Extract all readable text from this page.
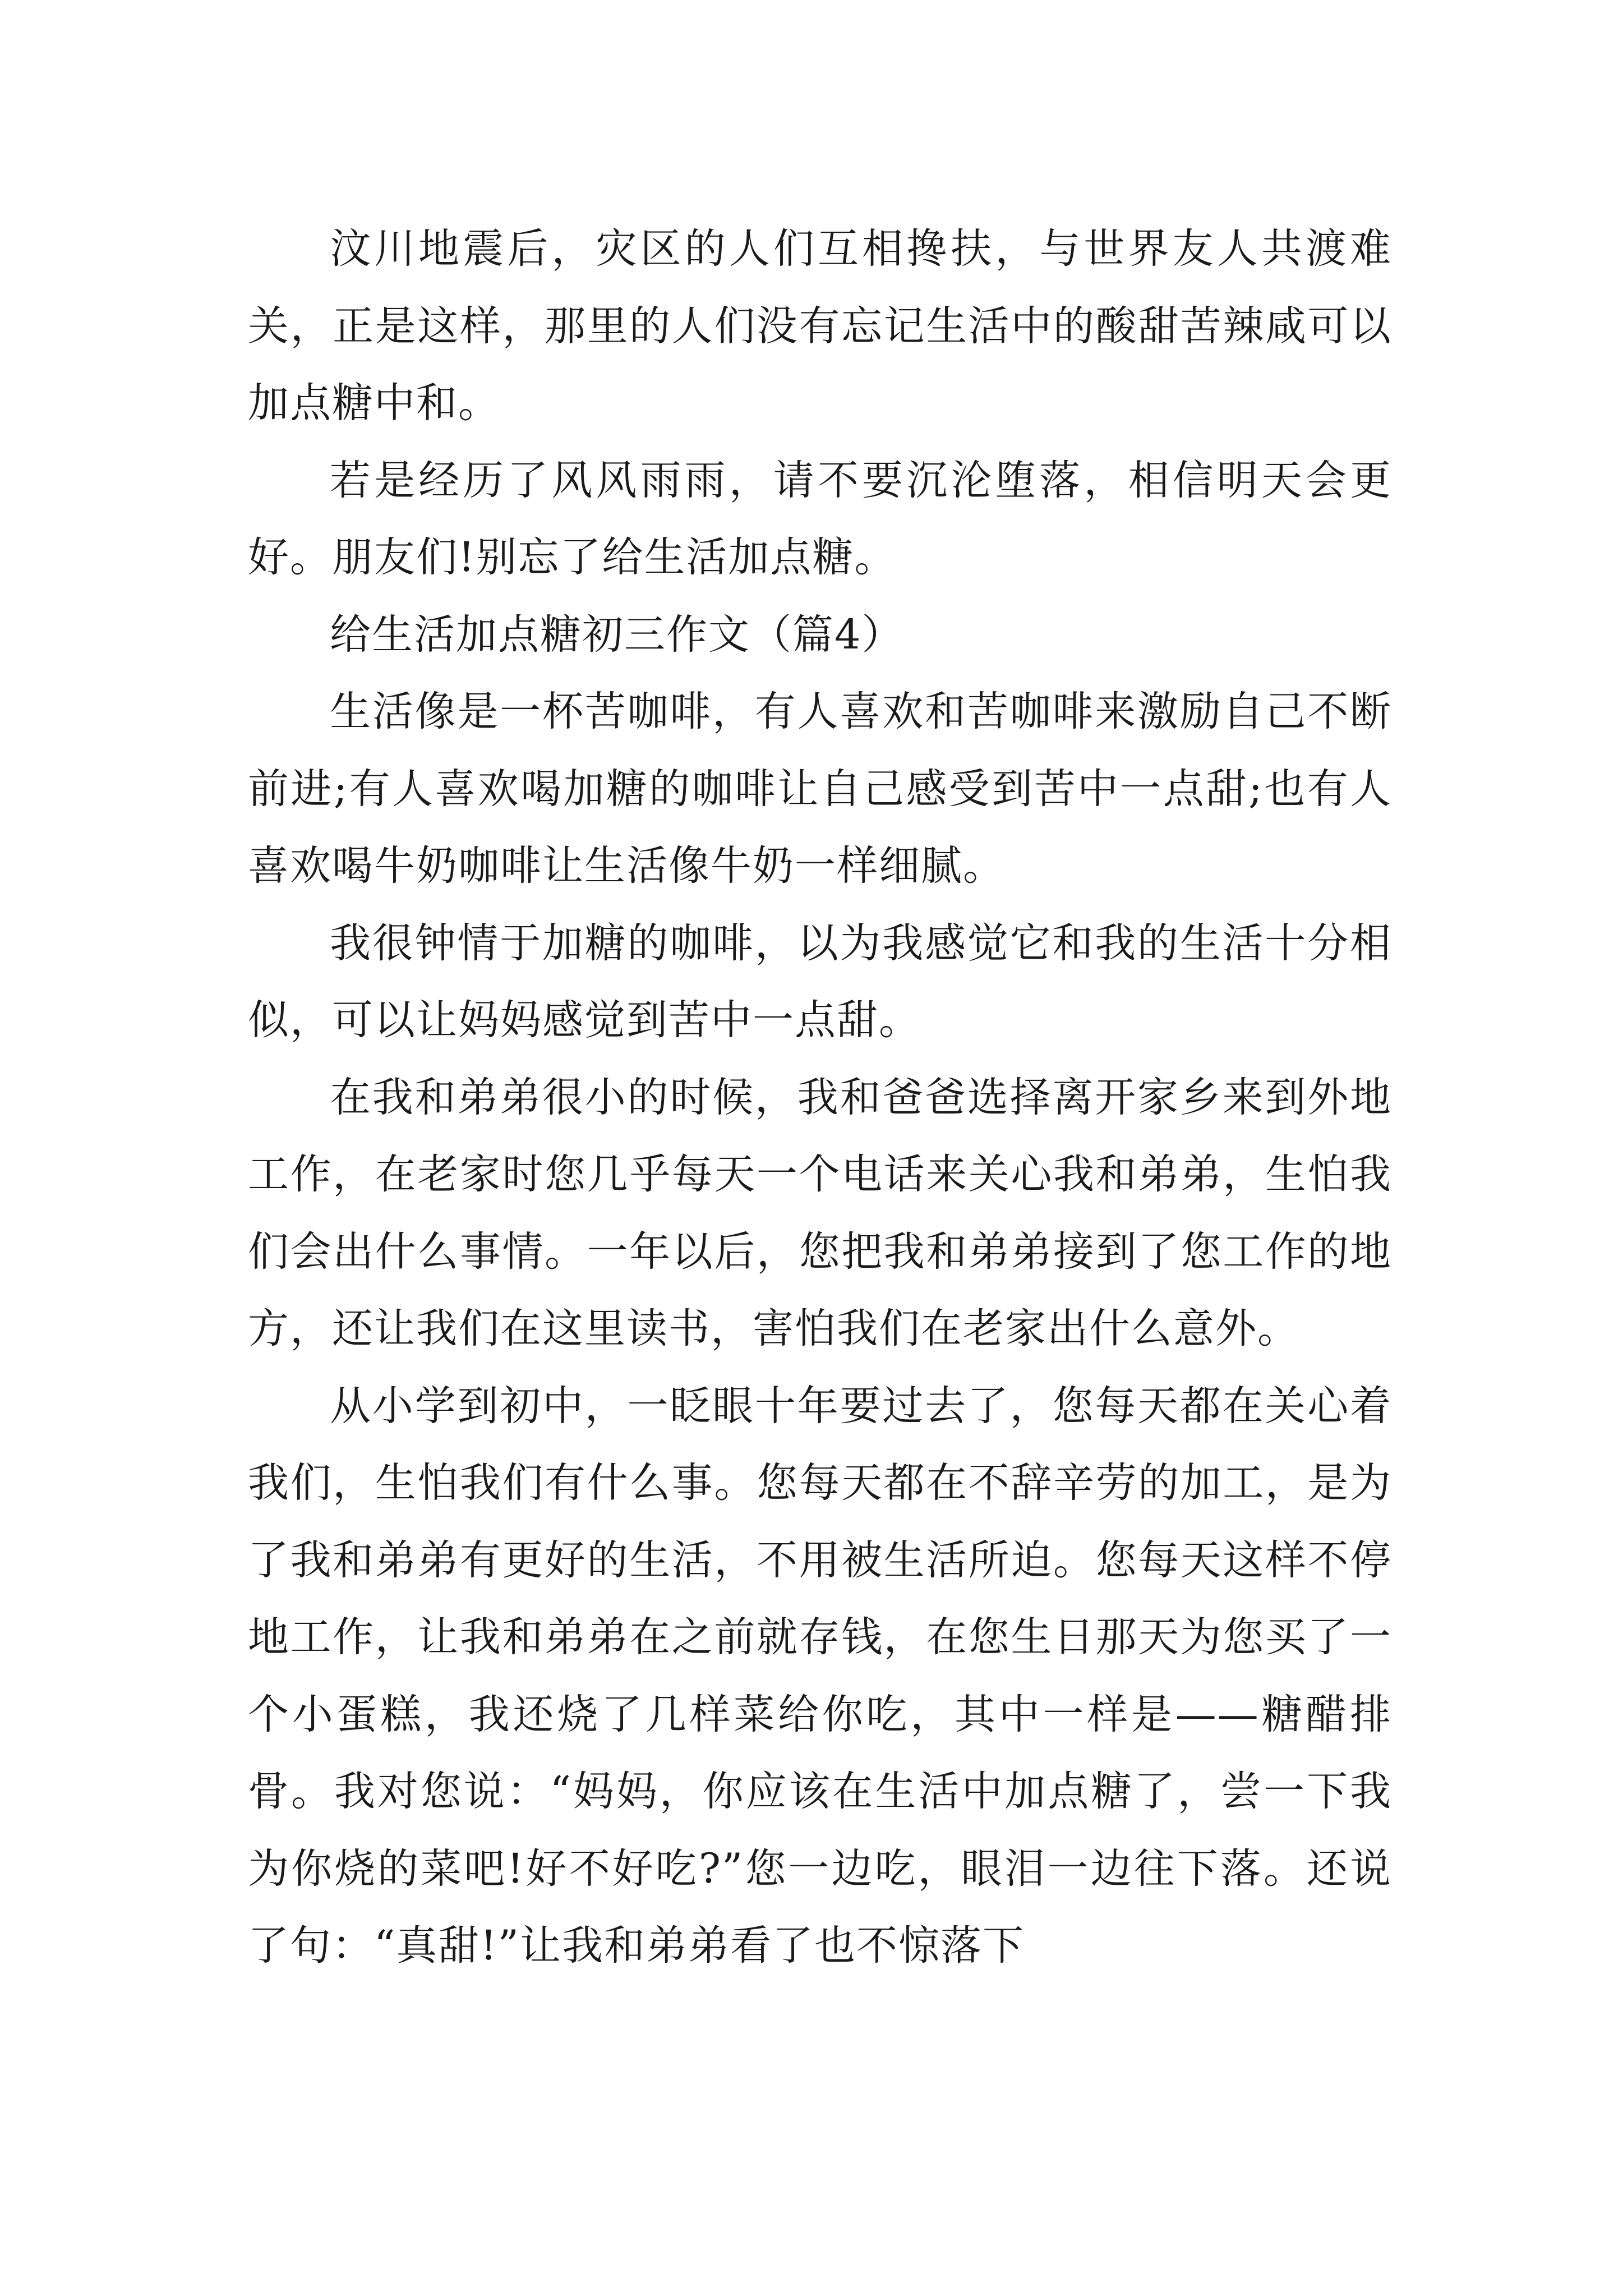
汶川地震后，灾区的人们互相搀扶，与世界友人共渡难关，正是这样，那里的人们没有忘记生活中的酸甜苦辣咸可以加点糖中和。

若是经历了风风雨雨，请不要沉沦堕落，相信明天会更好。朋友们!别忘了给生活加点糖。

给生活加点糖初三作文（篇4）

生活像是一杯苦咖啡，有人喜欢和苦咖啡来激励自己不断前进;有人喜欢喝加糖的咖啡让自己感受到苦中一点甜;也有人喜欢喝牛奶咖啡让生活像牛奶一样细腻。

我很钟情于加糖的咖啡，以为我感觉它和我的生活十分相似，可以让妈妈感觉到苦中一点甜。

在我和弟弟很小的时候，我和爸爸选择离开家乡来到外地工作，在老家时您几乎每天一个电话来关心我和弟弟，生怕我们会出什么事情。一年以后，您把我和弟弟接到了您工作的地方，还让我们在这里读书，害怕我们在老家出什么意外。

从小学到初中，一眨眼十年要过去了，您每天都在关心着我们，生怕我们有什么事。您每天都在不辞辛劳的加工，是为了我和弟弟有更好的生活，不用被生活所迫。您每天这样不停地工作，让我和弟弟在之前就存钱，在您生日那天为您买了一个小蛋糕，我还烧了几样菜给你吃，其中一样是——糖醋排骨。我对您说：“妈妈，你应该在生活中加点糖了，尝一下我为你烧的菜吧!好不好吃?”您一边吃，眼泪一边往下落。还说了句：“真甜!”让我和弟弟看了也不惊落下
